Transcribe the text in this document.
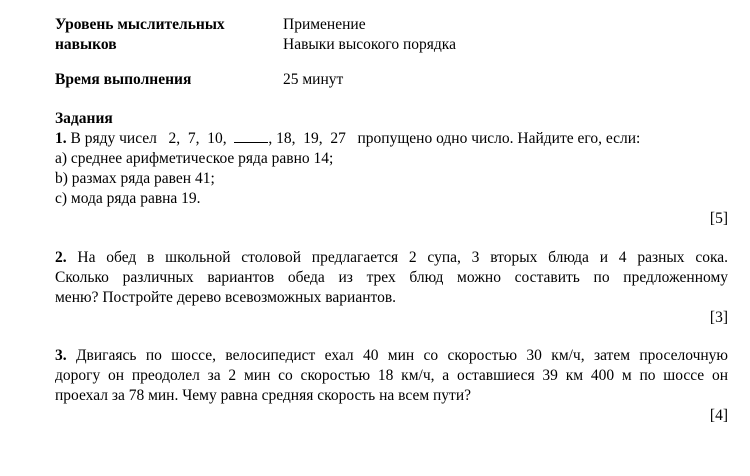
Уровень мыслительных
навыков
Применение
Навыки высокого порядка
Время выполнения	25 минут
Задания
1. В ряду чисел   2,  7,  10,  , 18,  19,  27   пропущено одно число. Найдите его, если:
a) среднее арифметическое ряда равно 14;
b) размах ряда равен 41;
c) мода ряда равна 19.
[5]
2. На обед в школьной столовой предлагается 2 супа, 3 вторых блюда и 4 разных сока.
Сколько различных вариантов обеда из трех блюд можно составить по предложенному
меню? Постройте дерево всевозможных вариантов.
[3]
3. Двигаясь по шоссе, велосипедист ехал 40 мин со скоростью 30 км/ч, затем проселочную
дорогу он преодолел за 2 мин со скоростью 18 км/ч, а оставшиеся 39 км 400 м по шоссе он
проехал за 78 мин. Чему равна средняя скорость на всем пути?
[4]
